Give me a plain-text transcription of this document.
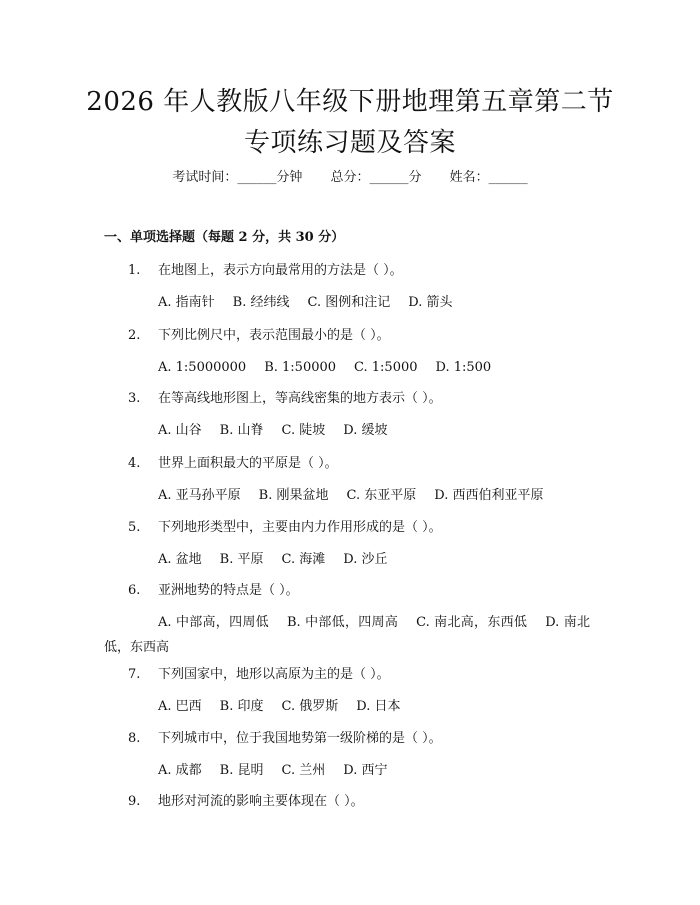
2026 年人教版八年级下册地理第五章第二节
专项练习题及答案
考试时间：______分钟 总分：______分 姓名：______
一、单项选择题（每题 2 分，共 30 分）
1. 在地图上，表示方向最常用的方法是（ ）。
A. 指南针 B. 经纬线 C. 图例和注记 D. 箭头
2. 下列比例尺中，表示范围最小的是（ ）。
A. 1:5000000 B. 1:50000 C. 1:5000 D. 1:500
3. 在等高线地形图上，等高线密集的地方表示（ ）。
A. 山谷 B. 山脊 C. 陡坡 D. 缓坡
4. 世界上面积最大的平原是（ ）。
A. 亚马孙平原 B. 刚果盆地 C. 东亚平原 D. 西西伯利亚平原
5. 下列地形类型中，主要由内力作用形成的是（ ）。
A. 盆地 B. 平原 C. 海滩 D. 沙丘
6. 亚洲地势的特点是（ ）。
A. 中部高，四周低 B. 中部低，四周高 C. 南北高，东西低 D. 南北低，东西高
7. 下列国家中，地形以高原为主的是（ ）。
A. 巴西 B. 印度 C. 俄罗斯 D. 日本
8. 下列城市中，位于我国地势第一级阶梯的是（ ）。
A. 成都 B. 昆明 C. 兰州 D. 西宁
9. 地形对河流的影响主要体现在（ ）。
